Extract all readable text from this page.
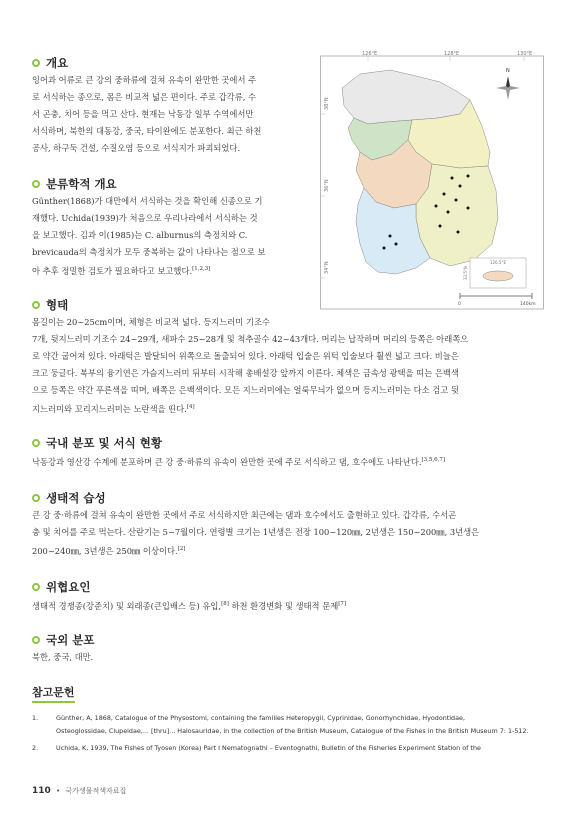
개요
잉어과 어류로 큰 강의 중하류에 걸쳐 유속이 완만한 곳에서 주
로 서식하는 종으로, 몸은 비교적 넓은 편이다. 주로 갑각류, 수
서 곤충, 치어 등을 먹고 산다. 현재는 낙동강 일부 수역에서만
서식하며, 북한의 대동강, 중국, 타이완에도 분포한다. 최근 하천
공사, 하구둑 건설, 수질오염 등으로 서식지가 파괴되었다.
분류학적 개요
Günther(1868)가 대만에서 서식하는 것을 확인해 신종으로 기
재했다. Uchida(1939)가 처음으로 우리나라에서 서식하는 것
을 보고했다. 김과 이(1985)는 C. alburnus의 측정치와 C.
brevicauda의 측정치가 모두 중복하는 값이 나타나는 점으로 보
아 추후 정밀한 검토가 필요하다고 보고했다.[1,2,3]
형태
몸길이는 20~25cm이며, 체형은 비교적 넓다. 등지느러미 기조수
7개, 뒷지느러미 기조수 24~29개, 새파수 25~28개 및 척추골수 42~43개다. 머리는 납작하며 머리의 등쪽은 아래쪽으
로 약간 굽어져 있다. 아래턱은 발달되어 위쪽으로 돌출되어 있다. 아래턱 입술은 위턱 입술보다 훨씬 넓고 크다. 비늘은
크고 둥글다. 복부의 융기연은 가슴지느러미 뒤부터 시작해 총배설강 앞까지 이른다. 체색은 금속성 광택을 띠는 은백색
으로 등쪽은 약간 푸른색을 띠며, 배쪽은 은백색이다. 모든 지느러미에는 얼룩무늬가 없으며 등지느러미는 다소 검고 뒷
지느러미와 꼬리지느러미는 노란색을 띤다.[4]
국내 분포 및 서식 현황
낙동강과 영산강 수계에 분포하며 큰 강 중·하류의 유속이 완만한 곳에 주로 서식하고 댐, 호수에도 나타난다.[3,5,6,7]
생태적 습성
큰 강 중·하류에 걸쳐 유속이 완만한 곳에서 주로 서식하지만 최근에는 댐과 호수에서도 출현하고 있다. 갑각류, 수서곤
충 및 치어를 주로 먹는다. 산란기는 5~7월이다. 연령별 크기는 1년생은 전장 100~120㎜, 2년생은 150~200㎜, 3년생은
200~240㎜, 3년생은 250㎜ 이상이다.[2]
위협요인
생태적 경쟁종(강준치) 및 외래종(큰입배스 등) 유입,[8] 하천 환경변화 및 생태적 문제[7]
국외 분포
북한, 중국, 대만.
참고문헌
1.	Günther, A, 1868, Catalogue of the Physostomi, containing the families Heteropygii, Cyprinidae, Gonorhynchidae, Hyodontidae,
Osteoglossidae, Clupeidae,... [thru]... Halosauridae, in the collection of the British Museum, Catalogue of the Fishes in the British Museum 7: 1-512.
2.	Uchida, K, 1939, The Fishes of Tyosen (Korea) Part I Nematognathi – Eventognathi, Bulletin of the Fisheries Experiment Station of the
110 • 국가생물적색자료집
126°E	128°E	130°E
38°N
36°N
34°N	126.5°E
33.5°N
N
0	140km
